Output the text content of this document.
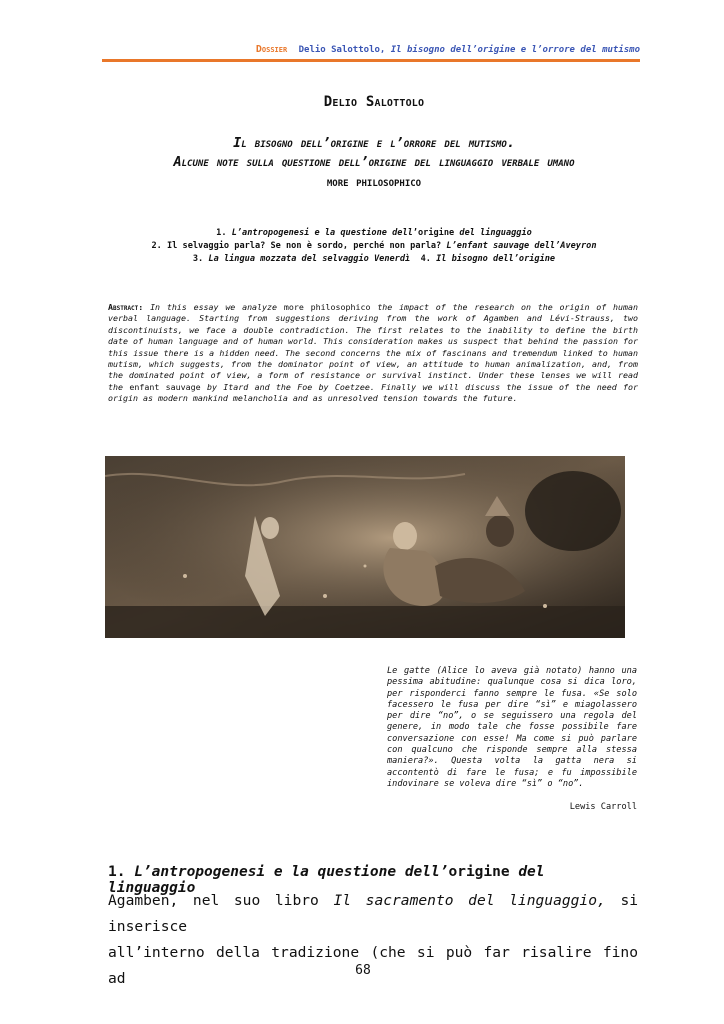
Dossier Delio Salottolo, Il bisogno dell’origine e l’orrore del mutismo
Delio Salottolo
Il bisogno dell’origine e l’orrore del mutismo.
Alcune note sulla questione dell’origine del linguaggio verbale umano
more philosophico
1. L’antropogenesi e la questione dell’origine del linguaggio
2. Il selvaggio parla? Se non è sordo, perché non parla? L’enfant sauvage dell’Aveyron
3. La lingua mozzata del selvaggio Venerdì 4. Il bisogno dell’origine
Abstract: In this essay we analyze more philosophico the impact of the research on the origin of human verbal language. Starting from suggestions deriving from the work of Agamben and Lévi-Strauss, two discontinuists, we face a double contradiction. The first relates to the inability to define the birth date of human language and of human world. This consideration makes us suspect that behind the passion for this issue there is a hidden need. The second concerns the mix of fascinans and tremendum linked to human mutism, which suggests, from the dominator point of view, an attitude to human animalization, and, from the dominated point of view, a form of resistance or survival instinct. Under these lenses we will read the enfant sauvage by Itard and the Foe by Coetzee. Finally we will discuss the issue of the need for origin as modern mankind melancholia and as unresolved tension towards the future.
Le gatte (Alice lo aveva già notato) hanno una pessima abitudine: qualunque cosa si dica loro, per risponderci fanno sempre le fusa. «Se solo facessero le fusa per dire “sì” e miagolassero per dire “no”, o se seguissero una regola del genere, in modo tale che fosse possibile fare conversazione con esse! Ma come si può parlare con qualcuno che risponde sempre alla stessa maniera?». Questa volta la gatta nera si accontentò di fare le fusa; e fu impossibile indovinare se voleva dire “sì” o “no”.
Lewis Carroll
1. L’antropogenesi e la questione dell’origine del linguaggio
Agamben, nel suo libro Il sacramento del linguaggio, si inserisce
all’interno della tradizione (che si può far risalire fino ad	68
